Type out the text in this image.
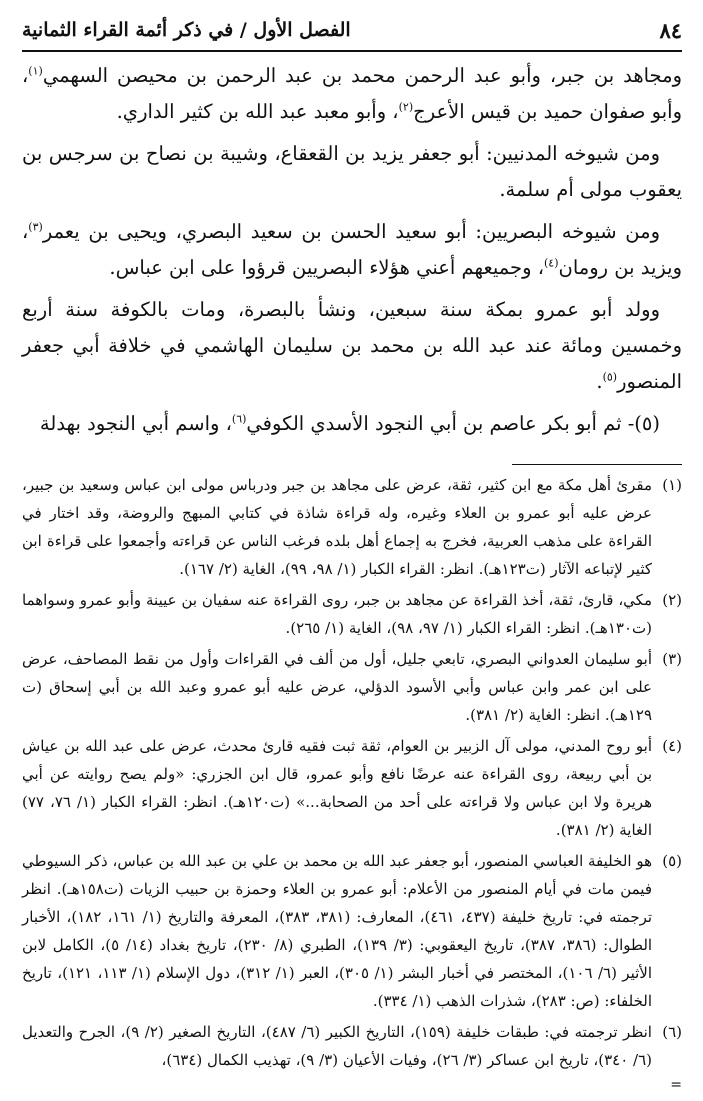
٨٤
الفصل الأول / في ذكر أئمة القراء الثمانية

ومجاهد بن جبر، وأبو عبد الرحمن محمد بن عبد الرحمن بن محيصن السهمي$^{(١)}$، وأبو صفوان حميد بن قيس الأعرج$^{(٢)}$، وأبو معبد عبد الله بن كثير الداري.

ومن شيوخه المدنيين: أبو جعفر يزيد بن القعقاع، وشيبة بن نصاح بن سرجس بن يعقوب مولى أم سلمة.

ومن شيوخه البصريين: أبو سعيد الحسن بن سعيد البصري، ويحيى بن يعمر$^{(٣)}$، ويزيد بن رومان$^{(٤)}$، وجميعهم أعني هؤلاء البصريين قرؤوا على ابن عباس.

وولد أبو عمرو بمكة سنة سبعين، ونشأ بالبصرة، ومات بالكوفة سنة أربع وخمسين ومائة عند عبد الله بن محمد بن سليمان الهاشمي في خلافة أبي جعفر المنصور$^{(٥)}$.

(٥)- ثم أبو بكر عاصم بن أبي النجود الأسدي الكوفي$^{(٦)}$، واسم أبي النجود بهدلة

(١)
مقرئ أهل مكة مع ابن كثير، ثقة، عرض على مجاهد بن جبر ودرباس مولى ابن عباس وسعيد بن جبير، عرض عليه أبو عمرو بن العلاء وغيره، وله قراءة شاذة في كتابي المبهج والروضة، وقد اختار في القراءة على مذهب العربية، فخرج به إجماع أهل بلده فرغب الناس عن قراءته وأجمعوا على قراءة ابن كثير لإتباعه الآثار (ت١٢٣هـ). انظر: القراء الكبار (١/ ٩٨، ٩٩)، الغاية (٢/ ١٦٧).
(٢)
مكي، قارئ، ثقة، أخذ القراءة عن مجاهد بن جبر، روى القراءة عنه سفيان بن عيينة وأبو عمرو وسواهما (ت١٣٠هـ). انظر: القراء الكبار (١/ ٩٧، ٩٨)، الغاية (١/ ٢٦٥).
(٣)
أبو سليمان العدواني البصري، تابعي جليل، أول من ألف في القراءات وأول من نقط المصاحف، عرض على ابن عمر وابن عباس وأبي الأسود الدؤلي، عرض عليه أبو عمرو وعبد الله بن أبي إسحاق (ت ١٢٩هـ). انظر: الغاية (٢/ ٣٨١).
(٤)
أبو روح المدني، مولى آل الزبير بن العوام، ثقة ثبت فقيه قارئ محدث، عرض على عبد الله بن عياش بن أبي ربيعة، روى القراءة عنه عرضًا نافع وأبو عمرو، قال ابن الجزري: «ولم يصح روايته عن أبي هريرة ولا ابن عباس ولا قراءته على أحد من الصحابة...» (ت١٢٠هـ). انظر: القراء الكبار (١/ ٧٦، ٧٧) الغاية (٢/ ٣٨١).
(٥)
هو الخليفة العباسي المنصور، أبو جعفر عبد الله بن محمد بن علي بن عبد الله بن عباس، ذكر السيوطي فيمن مات في أيام المنصور من الأعلام: أبو عمرو بن العلاء وحمزة بن حبيب الزيات (ت١٥٨هـ). انظر ترجمته في: تاريخ خليفة (٤٣٧، ٤٦١)، المعارف: (٣٨١، ٣٨٣)، المعرفة والتاريخ (١/ ١٦١، ١٨٢)، الأخبار الطوال: (٣٨٦، ٣٨٧)، تاريخ اليعقوبي: (٣/ ١٣٩)، الطبري (٨/ ٢٣٠)، تاريخ بغداد (١٤/ ٥)، الكامل لابن الأثير (٦/ ١٠٦)، المختصر في أخبار البشر (١/ ٣٠٥)، العبر (١/ ٣١٢)، دول الإسلام (١/ ١١٣، ١٢١)، تاريخ الخلفاء: (ص: ٢٨٣)، شذرات الذهب (١/ ٣٣٤).
(٦)
انظر ترجمته في: طبقات خليفة (١٥٩)، التاريخ الكبير (٦/ ٤٨٧)، التاريخ الصغير (٢/ ٩)، الجرح والتعديل (٦/ ٣٤٠)، تاريخ ابن عساكر (٣/ ٢٦)، وفيات الأعيان (٣/ ٩)، تهذيب الكمال (٦٣٤)،
=
